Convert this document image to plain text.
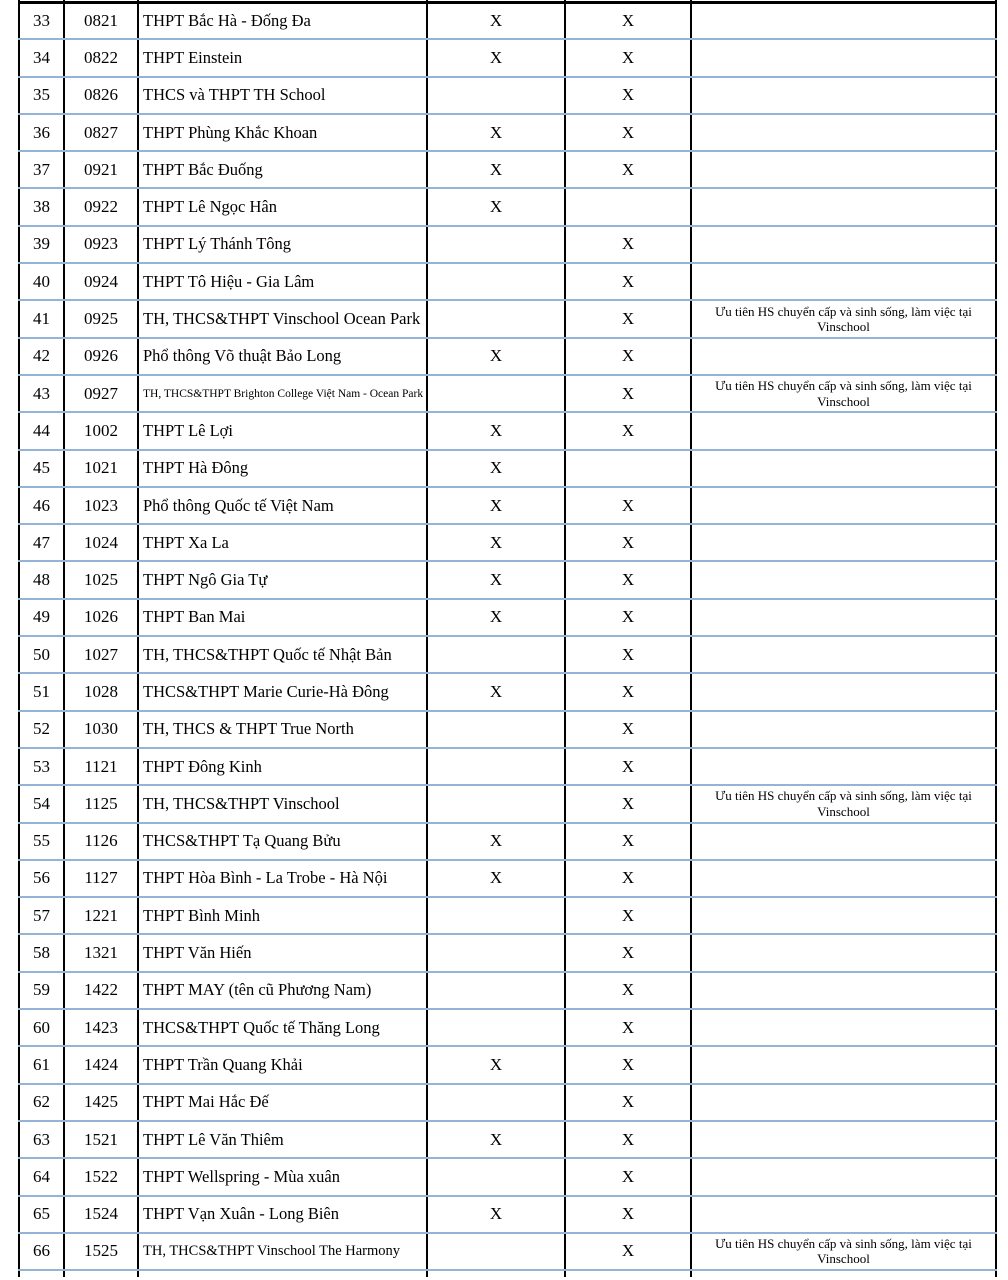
33	0821	THPT Bắc Hà - Đống Đa	X	X	
34	0822	THPT Einstein	X	X	
35	0826	THCS và THPT TH School		X	
36	0827	THPT Phùng Khắc Khoan	X	X	
37	0921	THPT Bắc Đuống	X	X	
38	0922	THPT Lê Ngọc Hân	X		
39	0923	THPT Lý Thánh Tông		X	
40	0924	THPT Tô Hiệu - Gia Lâm		X	
41	0925	TH, THCS&THPT Vinschool Ocean Park		X	Ưu tiên HS chuyển cấp và sinh sống, làm việc tại Vinschool
42	0926	Phổ thông Võ thuật Bảo Long	X	X	
43	0927	TH, THCS&THPT Brighton College Việt Nam - Ocean Park		X	Ưu tiên HS chuyển cấp và sinh sống, làm việc tại Vinschool
44	1002	THPT Lê Lợi	X	X	
45	1021	THPT Hà Đông	X		
46	1023	Phổ thông Quốc tế Việt Nam	X	X	
47	1024	THPT Xa La	X	X	
48	1025	THPT Ngô Gia Tự	X	X	
49	1026	THPT Ban Mai	X	X	
50	1027	TH, THCS&THPT Quốc tế Nhật Bản		X	
51	1028	THCS&THPT Marie Curie-Hà Đông	X	X	
52	1030	TH, THCS & THPT True North		X	
53	1121	THPT Đông Kinh		X	
54	1125	TH, THCS&THPT Vinschool		X	Ưu tiên HS chuyển cấp và sinh sống, làm việc tại Vinschool
55	1126	THCS&THPT Tạ Quang Bửu	X	X	
56	1127	THPT Hòa Bình - La Trobe - Hà Nội	X	X	
57	1221	THPT Bình Minh		X	
58	1321	THPT Văn Hiến		X	
59	1422	THPT MAY (tên cũ Phương Nam)		X	
60	1423	THCS&THPT Quốc tế Thăng Long		X	
61	1424	THPT Trần Quang Khải	X	X	
62	1425	THPT Mai Hắc Đế		X	
63	1521	THPT Lê Văn Thiêm	X	X	
64	1522	THPT Wellspring - Mùa xuân		X	
65	1524	THPT Vạn Xuân - Long Biên	X	X	
66	1525	TH, THCS&THPT Vinschool The Harmony		X	Ưu tiên HS chuyển cấp và sinh sống, làm việc tại Vinschool
